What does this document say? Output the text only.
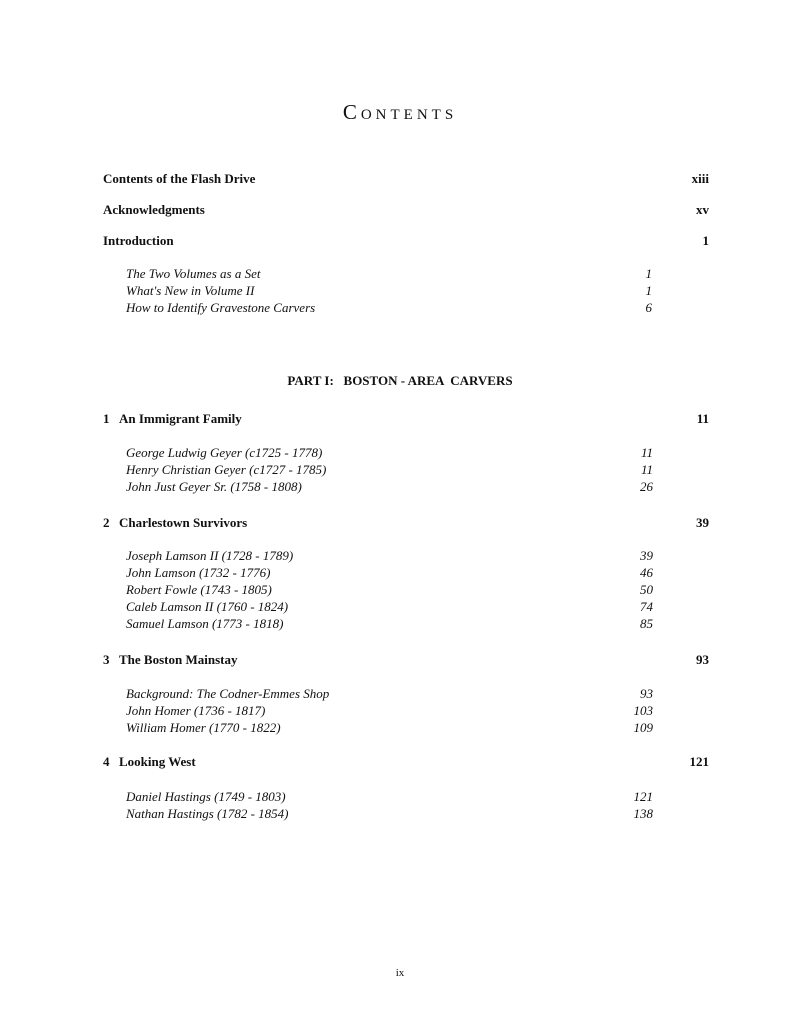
Contents
Contents of the Flash Drive	xiii
Acknowledgments	xv
Introduction	1
The Two Volumes as a Set	1
What's New in Volume II	1
How to Identify Gravestone Carvers	6
PART I:   BOSTON - AREA  CARVERS
1 An Immigrant Family	11
George Ludwig Geyer (c1725 - 1778)	11
Henry Christian Geyer (c1727 - 1785)	11
John Just Geyer Sr. (1758 - 1808)	26
2 Charlestown Survivors	39
Joseph Lamson II (1728 - 1789)	39
John Lamson (1732 - 1776)	46
Robert Fowle (1743 - 1805)	50
Caleb Lamson II (1760 - 1824)	74
Samuel Lamson (1773 - 1818)	85
3 The Boston Mainstay	93
Background: The Codner-Emmes Shop	93
John Homer (1736 - 1817)	103
William Homer (1770 - 1822)	109
4 Looking West	121
Daniel Hastings (1749 - 1803)	121
Nathan Hastings (1782 - 1854)	138
ix
